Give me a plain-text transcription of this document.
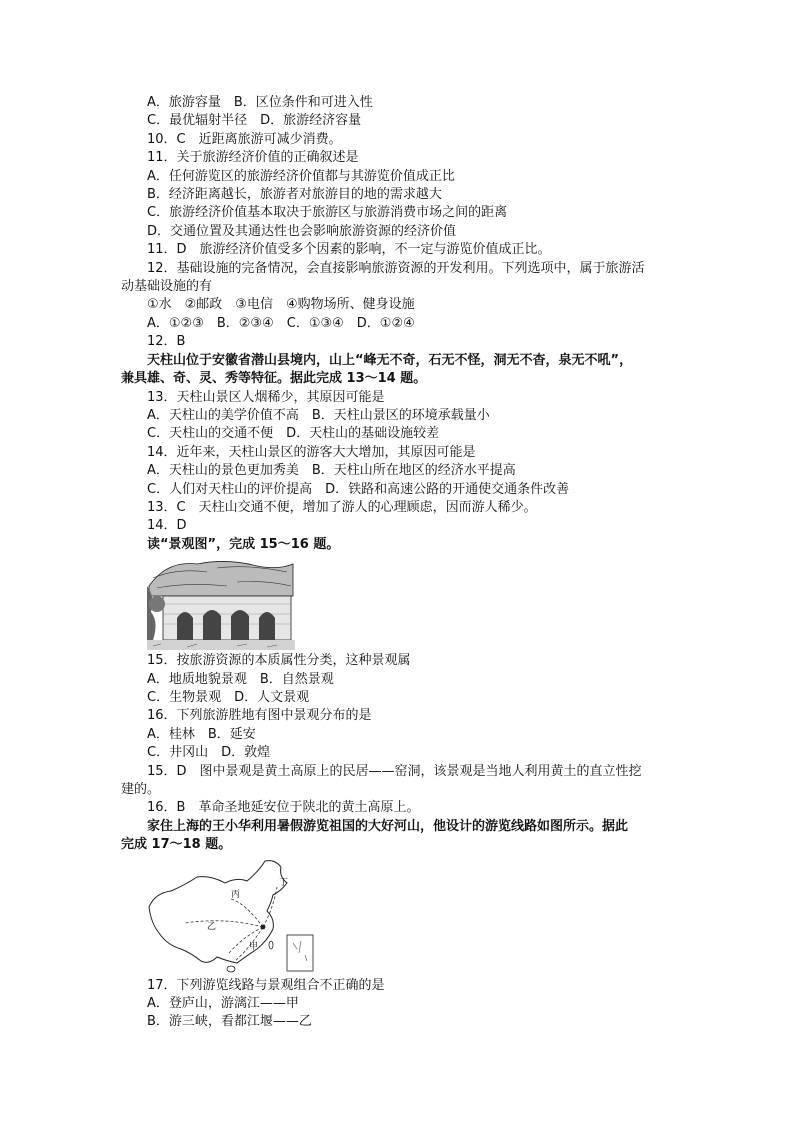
A．旅游容量　B．区位条件和可进入性
C．最优辐射半径　D．旅游经济容量
10．C　近距离旅游可减少消费。
11．关于旅游经济价值的正确叙述是
A．任何游览区的旅游经济价值都与其游览价值成正比
B．经济距离越长，旅游者对旅游目的地的需求越大
C．旅游经济价值基本取决于旅游区与旅游消费市场之间的距离
D．交通位置及其通达性也会影响旅游资源的经济价值
11．D　旅游经济价值受多个因素的影响，不一定与游览价值成正比。
12．基础设施的完备情况，会直接影响旅游资源的开发利用。下列选项中，属于旅游活
动基础设施的有
①水　②邮政　③电信　④购物场所、健身设施
A．①②③　B．②③④　C．①③④　D．①②④
12．B
天柱山位于安徽省潜山县境内，山上“峰无不奇，石无不怪，洞无不杳，泉无不吼”，
兼具雄、奇、灵、秀等特征。据此完成 13～14 题。
13．天柱山景区人烟稀少，其原因可能是
A．天柱山的美学价值不高　B．天柱山景区的环境承载量小
C．天柱山的交通不便　D．天柱山的基础设施较差
14．近年来，天柱山景区的游客大大增加，其原因可能是
A．天柱山的景色更加秀美　B．天柱山所在地区的经济水平提高
C．人们对天柱山的评价提高　D．铁路和高速公路的开通使交通条件改善
13．C　天柱山交通不便，增加了游人的心理顾虑，因而游人稀少。
14．D
读“景观图”，完成 15～16 题。
15．按旅游资源的本质属性分类，这种景观属
A．地质地貌景观　B．自然景观
C．生物景观　D．人文景观
16．下列旅游胜地有图中景观分布的是
A．桂林　B．延安
C．井冈山　D．敦煌
15．D　图中景观是黄土高原上的民居——窑洞，该景观是当地人利用黄土的直立性挖
建的。
16．B　革命圣地延安位于陕北的黄土高原上。
家住上海的王小华利用暑假游览祖国的大好河山，他设计的游览线路如图所示。据此
完成 17～18 题。
丙
乙
甲
丁
17．下列游览线路与景观组合不正确的是
A．登庐山，游漓江——甲
B．游三峡，看都江堰——乙
